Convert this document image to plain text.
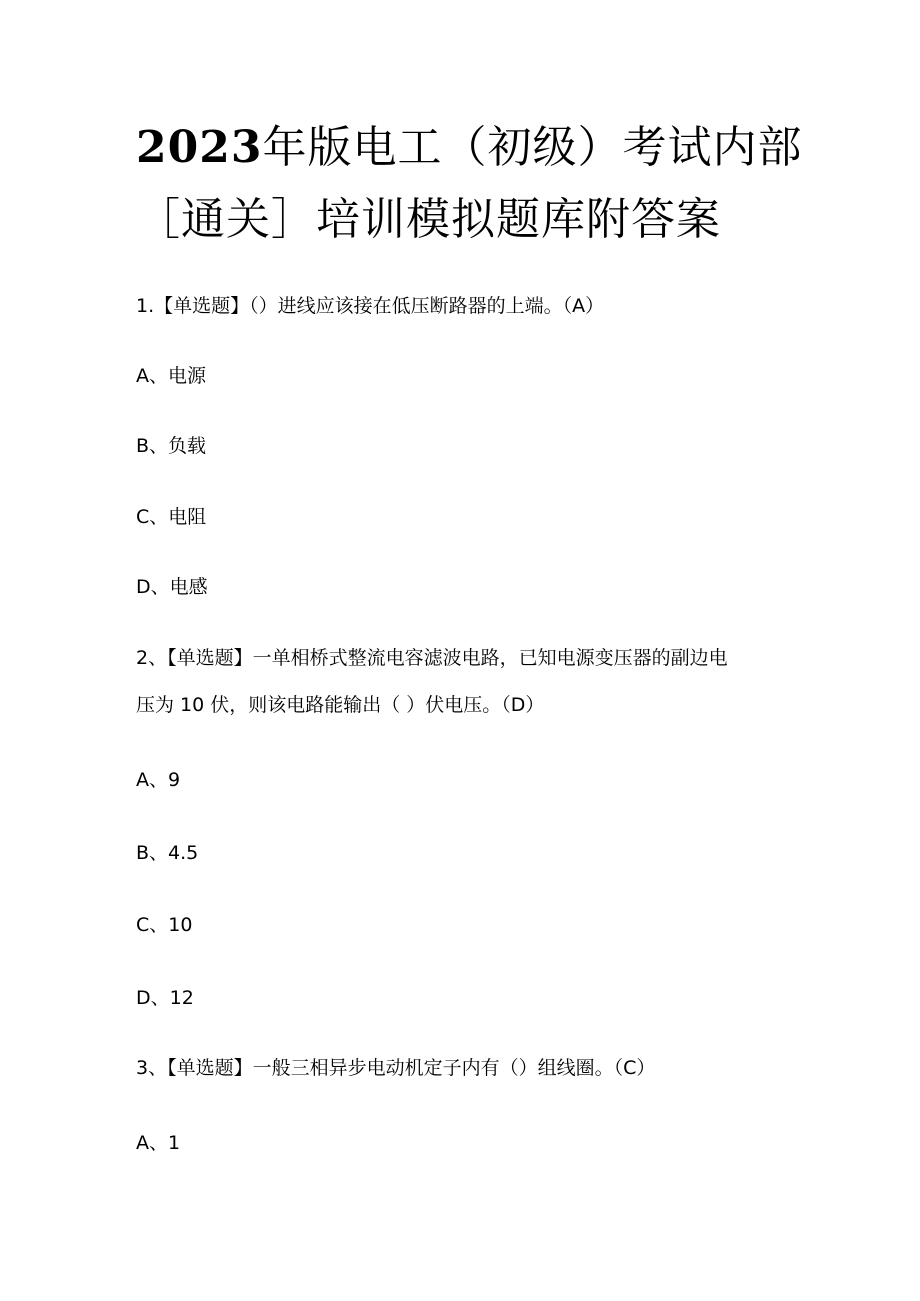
2023年版电工（初级）考试内部
［通关］培训模拟题库附答案
1.【单选题】（）进线应该接在低压断路器的上端。（A）
A、电源
B、负载
C、电阻
D、电感
2、【单选题】一单相桥式整流电容滤波电路，已知电源变压器的副边电
压为 10 伏，则该电路能输出（ ）伏电压。（D）
A、9
B、4.5
C、10
D、12
3、【单选题】一般三相异步电动机定子内有（）组线圈。（C）
A、1
